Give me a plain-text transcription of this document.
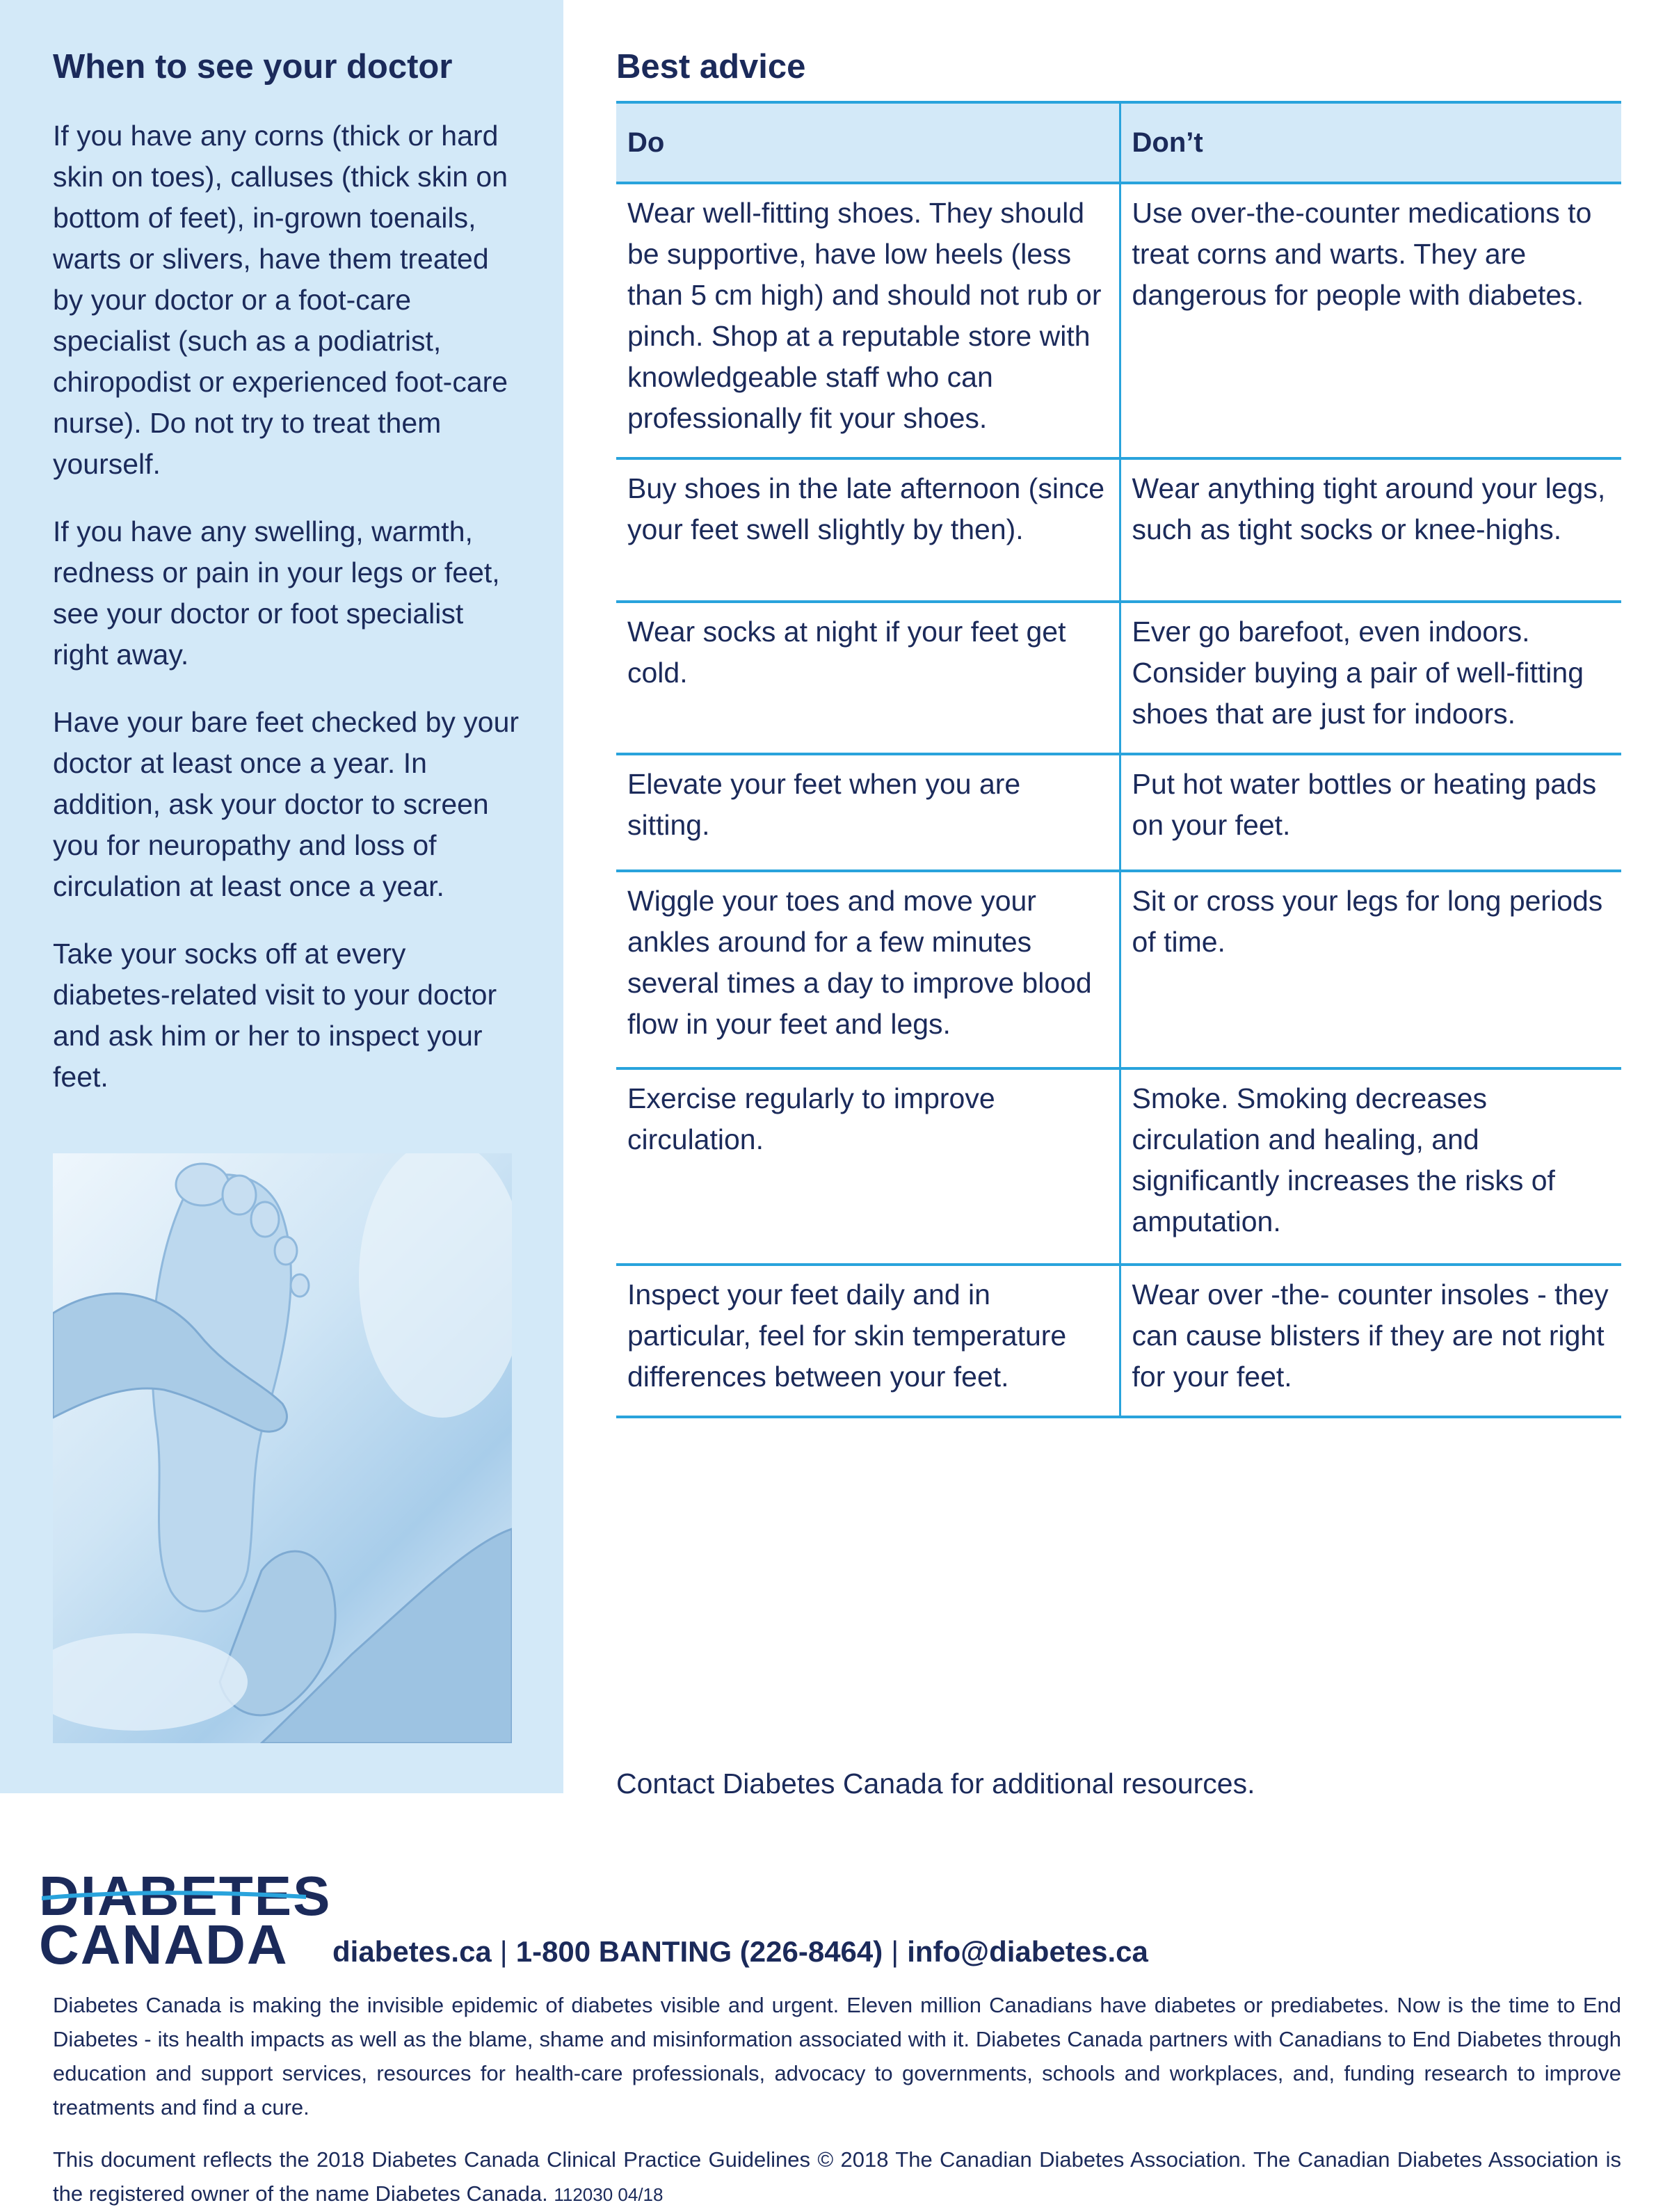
When to see your doctor

If you have any corns (thick or hard skin on toes), calluses (thick skin on bottom of feet), in-grown toenails, warts or slivers, have them treated by your doctor or a foot-care specialist (such as a podiatrist, chiropodist or experienced foot-care nurse). Do not try to treat them yourself.

If you have any swelling, warmth, redness or pain in your legs or feet, see your doctor or foot specialist right away.

Have your bare feet checked by your doctor at least once a year. In addition, ask your doctor to screen you for neuropathy and loss of circulation at least once a year.

Take your socks off at every diabetes-related visit to your doctor and ask him or her to inspect your feet.

Best advice
Do	Don’t
Wear well-fitting shoes. They should be supportive, have low heels (less than 5 cm high) and should not rub or pinch. Shop at a reputable store with knowledgeable staff who can professionally fit your shoes.	Use over-the-counter medications to treat corns and warts. They are dangerous for people with diabetes.
Buy shoes in the late afternoon (since your feet swell slightly by then).	Wear anything tight around your legs, such as tight socks or knee-highs.
Wear socks at night if your feet get cold.	Ever go barefoot, even indoors. Consider buying a pair of well-fitting shoes that are just for indoors.
Elevate your feet when you are sitting.	Put hot water bottles or heating pads on your feet.
Wiggle your toes and move your ankles around for a few minutes several times a day to improve blood flow in your feet and legs.	Sit or cross your legs for long periods of time.
Exercise regularly to improve circulation.	Smoke. Smoking decreases circulation and healing, and significantly increases the risks of amputation.
Inspect your feet daily and in particular, feel for skin temperature differences between your feet.	Wear over -the- counter insoles - they can cause blisters if they are not right for your feet.
Contact Diabetes Canada for additional resources.
DIABETES
CANADA diabetes.ca | 1-800 BANTING (226-8464) | info@diabetes.ca

Diabetes Canada is making the invisible epidemic of diabetes visible and urgent. Eleven million Canadians have diabetes or prediabetes. Now is the time to End Diabetes - its health impacts as well as the blame, shame and misinformation associated with it. Diabetes Canada partners with Canadians to End Diabetes through education and support services, resources for health-care professionals, advocacy to governments, schools and workplaces, and, funding research to improve treatments and find a cure.

This document reflects the 2018 Diabetes Canada Clinical Practice Guidelines © 2018 The Canadian Diabetes Association. The Canadian Diabetes Association is the registered owner of the name Diabetes Canada. 112030 04/18
